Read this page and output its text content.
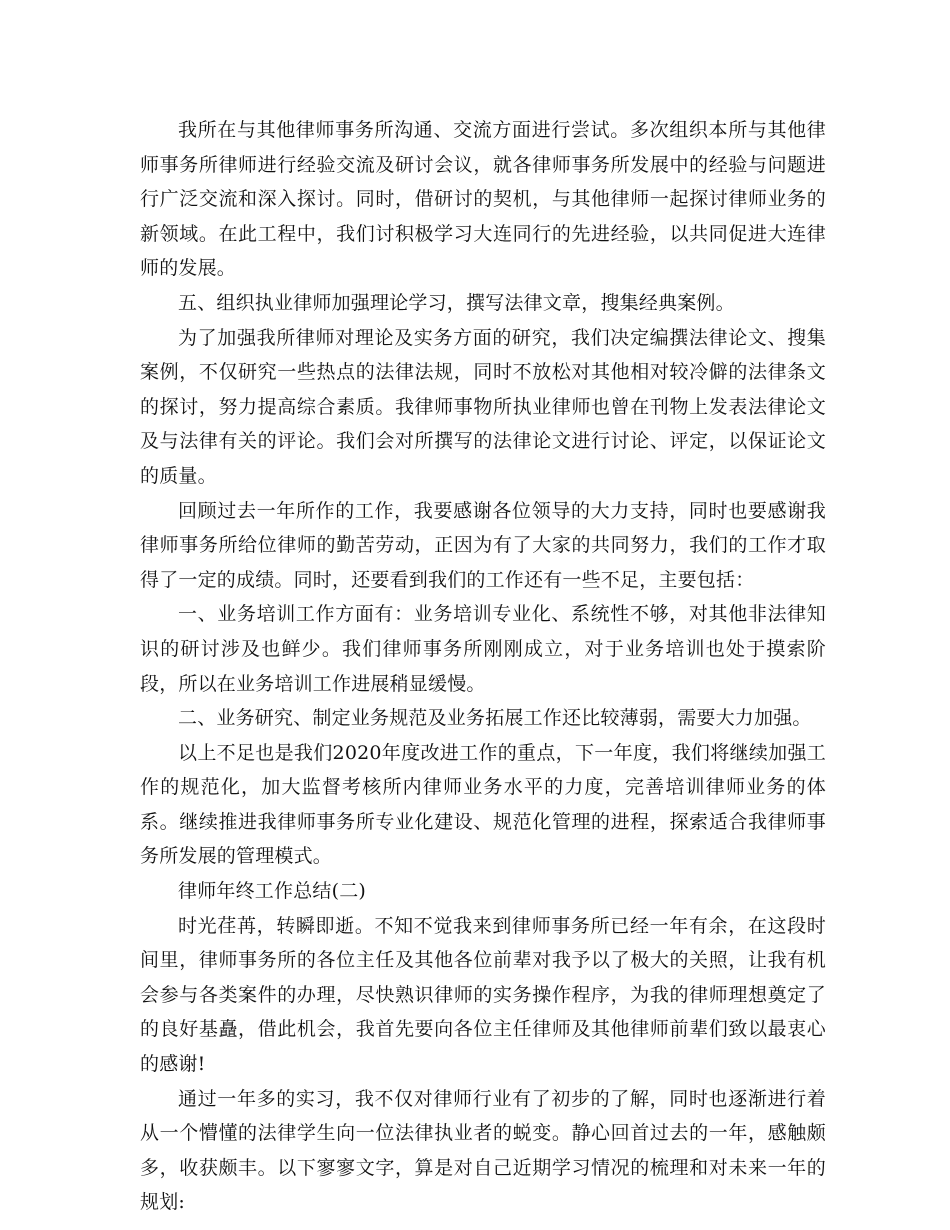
我所在与其他律师事务所沟通、交流方面进行尝试。多次组织本所与其他律师事务所律师进行经验交流及研讨会议，就各律师事务所发展中的经验与问题进行广泛交流和深入探讨。同时，借研讨的契机，与其他律师一起探讨律师业务的新领域。在此工程中，我们讨积极学习大连同行的先进经验，以共同促进大连律师的发展。

五、组织执业律师加强理论学习，撰写法律文章，搜集经典案例。

为了加强我所律师对理论及实务方面的研究，我们决定编撰法律论文、搜集案例，不仅研究一些热点的法律法规，同时不放松对其他相对较冷僻的法律条文的探讨，努力提高综合素质。我律师事物所执业律师也曾在刊物上发表法律论文及与法律有关的评论。我们会对所撰写的法律论文进行讨论、评定，以保证论文的质量。

回顾过去一年所作的工作，我要感谢各位领导的大力支持，同时也要感谢我律师事务所给位律师的勤苦劳动，正因为有了大家的共同努力，我们的工作才取得了一定的成绩。同时，还要看到我们的工作还有一些不足，主要包括：

一、业务培训工作方面有：业务培训专业化、系统性不够，对其他非法律知识的研讨涉及也鲜少。我们律师事务所刚刚成立，对于业务培训也处于摸索阶段，所以在业务培训工作进展稍显缓慢。

二、业务研究、制定业务规范及业务拓展工作还比较薄弱，需要大力加强。

以上不足也是我们2020年度改进工作的重点，下一年度，我们将继续加强工作的规范化，加大监督考核所内律师业务水平的力度，完善培训律师业务的体系。继续推进我律师事务所专业化建设、规范化管理的进程，探索适合我律师事务所发展的管理模式。

律师年终工作总结(二)

时光荏苒，转瞬即逝。不知不觉我来到律师事务所已经一年有余，在这段时间里，律师事务所的各位主任及其他各位前辈对我予以了极大的关照，让我有机会参与各类案件的办理，尽快熟识律师的实务操作程序，为我的律师理想奠定了的良好基矗，借此机会，我首先要向各位主任律师及其他律师前辈们致以最衷心的感谢!

通过一年多的实习，我不仅对律师行业有了初步的了解，同时也逐渐进行着从一个懵懂的法律学生向一位法律执业者的蜕变。静心回首过去的一年，感触颇多，收获颇丰。以下寥寥文字，算是对自己近期学习情况的梳理和对未来一年的规划:
